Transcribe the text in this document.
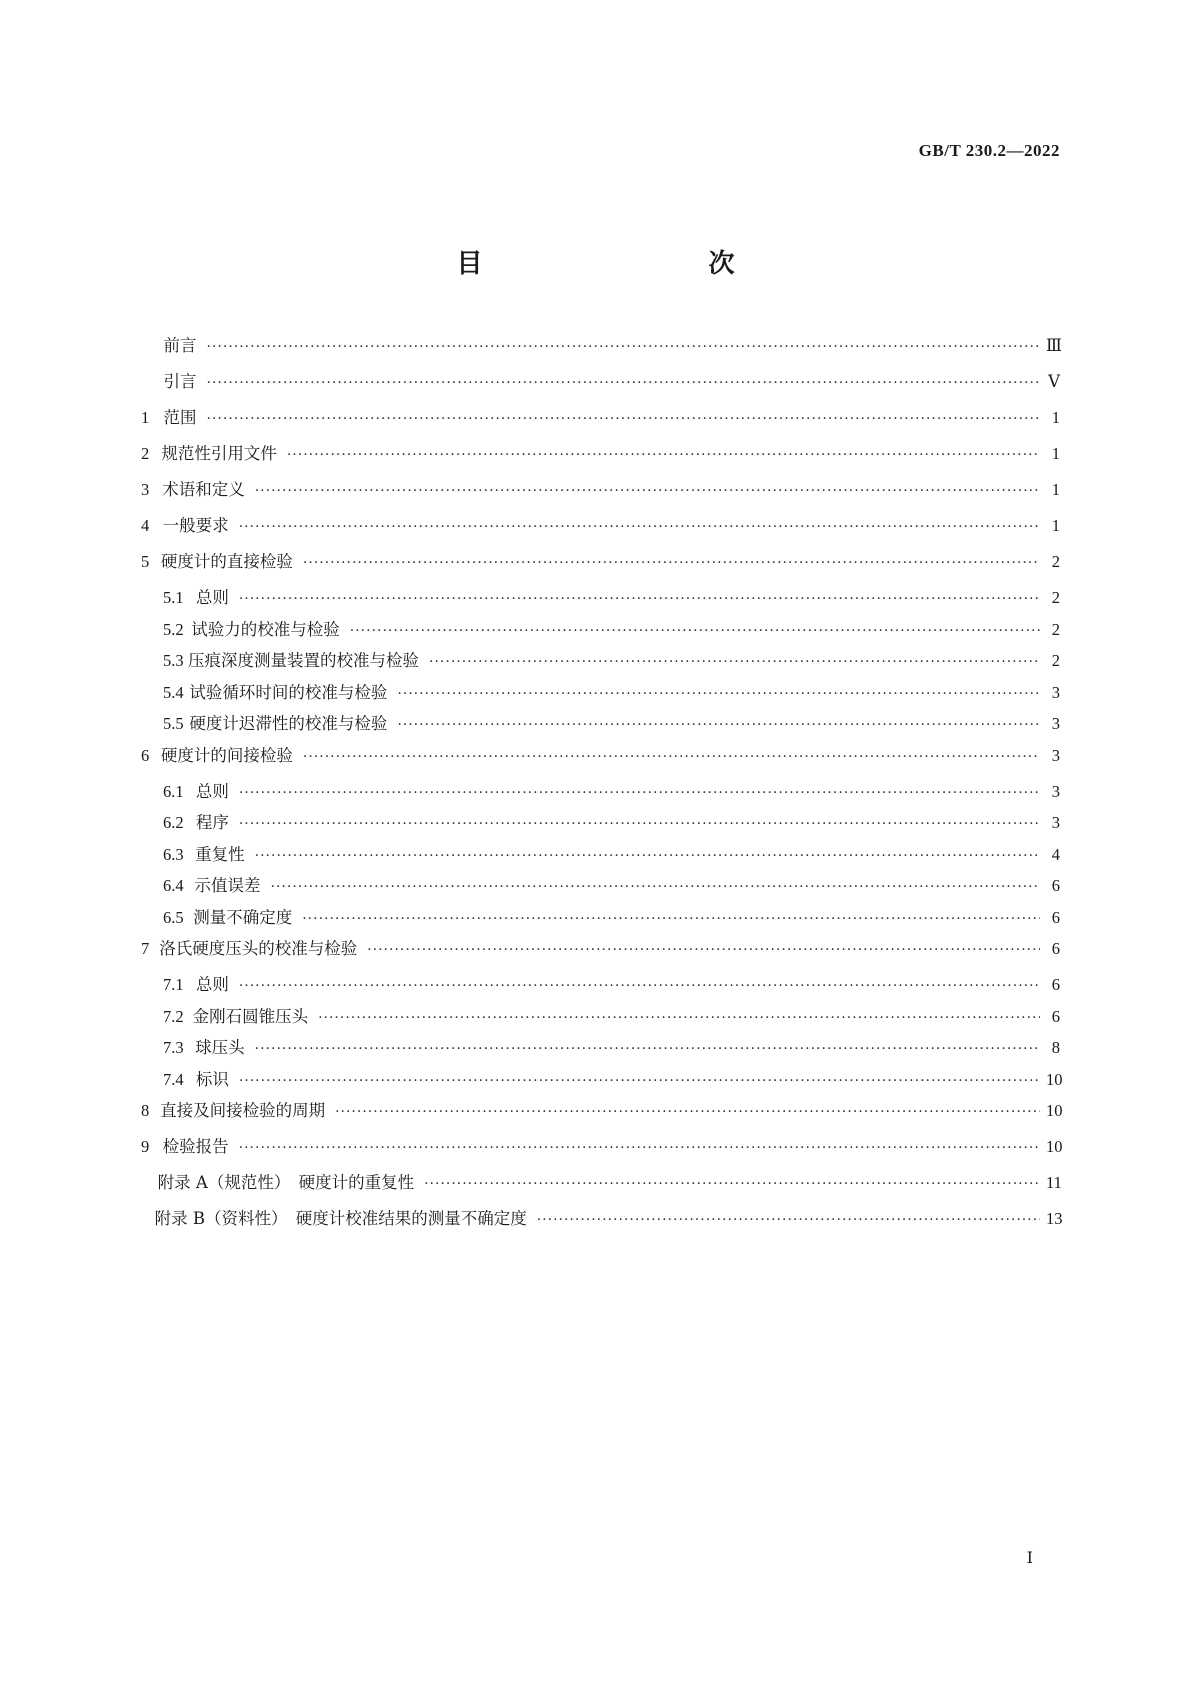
GB/T 230.2—2022
目　　次
前言 ·····	Ⅲ
引言 ·····	Ⅴ
1 范围 ·····	1
2 规范性引用文件 ·····	1
3 术语和定义 ·····	1
4 一般要求 ·····	1
5 硬度计的直接检验 ·····	2
5.1 总则 ·····	2
5.2 试验力的校准与检验 ·····	2
5.3 压痕深度测量装置的校准与检验 ·····	2
5.4 试验循环时间的校准与检验 ·····	3
5.5 硬度计迟滞性的校准与检验 ·····	3
6 硬度计的间接检验 ·····	3
6.1 总则 ·····	3
6.2 程序 ·····	3
6.3 重复性 ·····	4
6.4 示值误差 ·····	6
6.5 测量不确定度 ·····	6
7 洛氏硬度压头的校准与检验 ·····	6
7.1 总则 ·····	6
7.2 金刚石圆锥压头 ·····	6
7.3 球压头 ·····	8
7.4 标识 ·····	10
8 直接及间接检验的周期 ·····	10
9 检验报告 ·····	10
附录 A（规范性）　硬度计的重复性 ·····	11
附录 B（资料性）　硬度计校准结果的测量不确定度 ·····	13
Ⅰ
